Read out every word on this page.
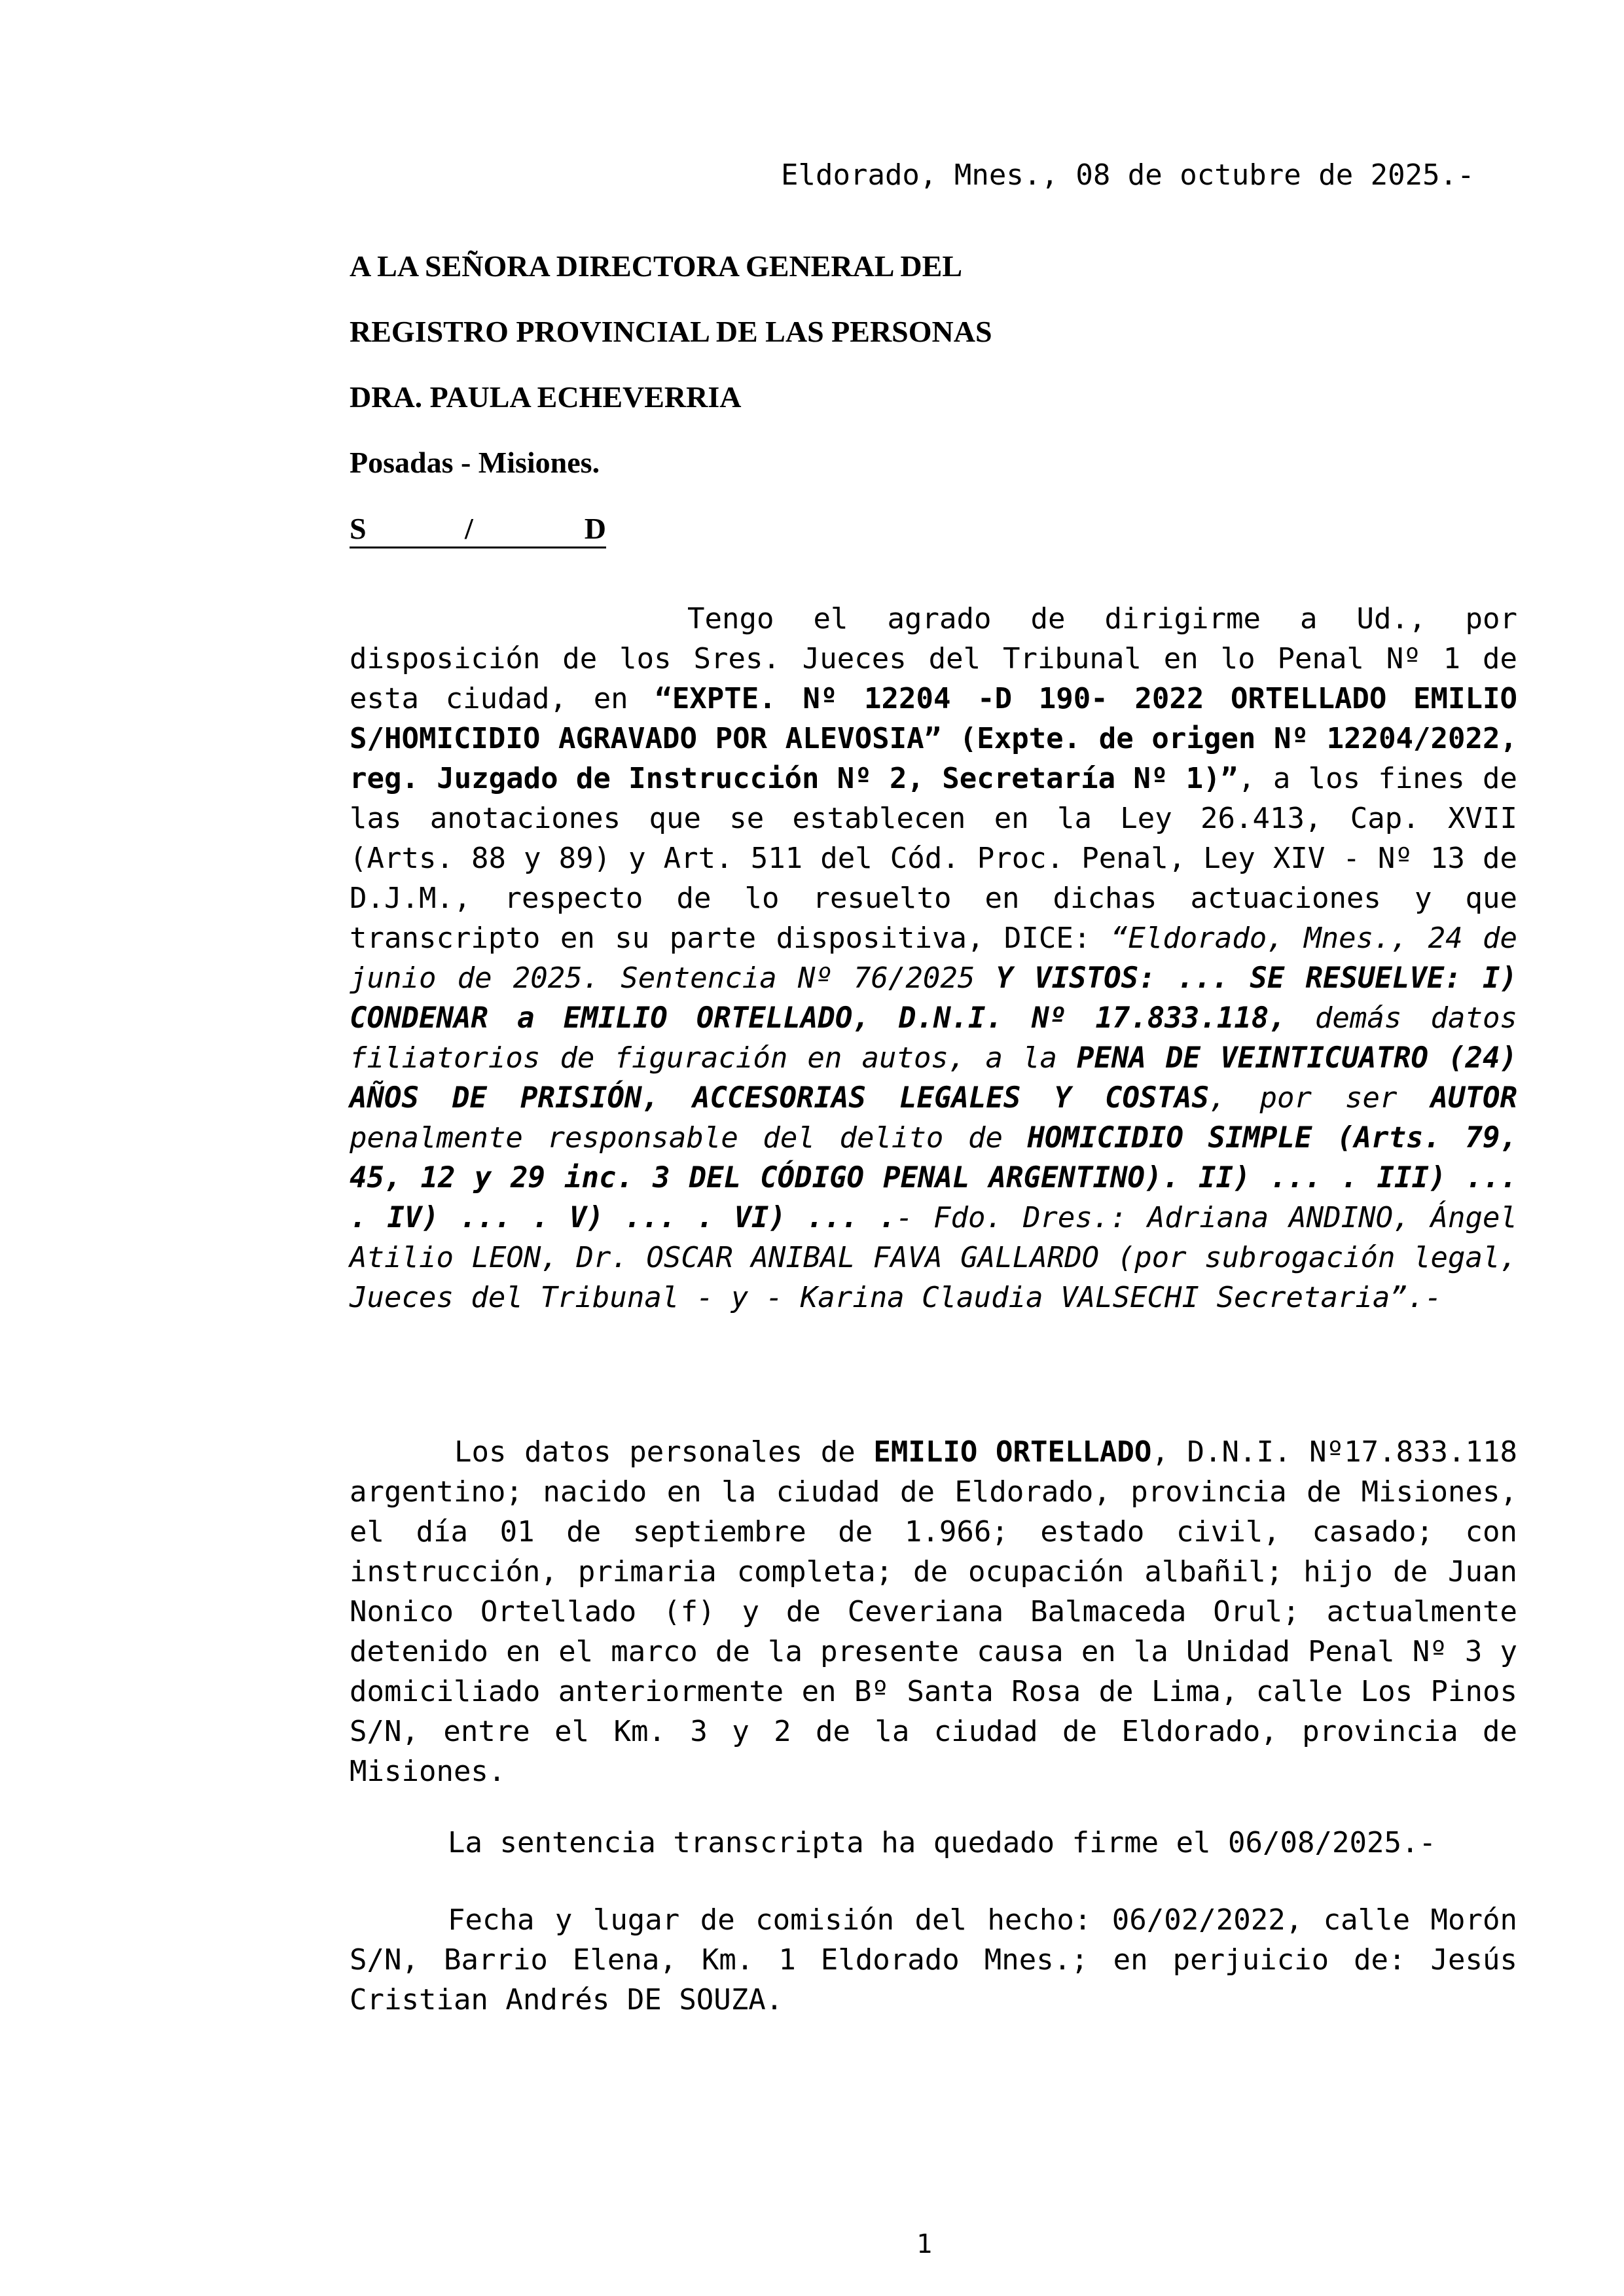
Eldorado, Mnes., 08 de octubre de 2025.-
A LA SEÑORA DIRECTORA GENERAL DEL
REGISTRO PROVINCIAL DE LAS PERSONAS
DRA. PAULA ECHEVERRIA
Posadas - Misiones.
S	/	D

Tengo el agrado de dirigirme a Ud., por disposición de los Sres. Jueces del Tribunal en lo Penal Nº 1 de esta ciudad, en “EXPTE. Nº 12204 -D 190- 2022 ORTELLADO EMILIO S/HOMICIDIO AGRAVADO POR ALEVOSIA” (Expte. de origen Nº 12204/2022, reg. Juzgado de Instrucción Nº 2, Secretaría Nº 1)”, a los fines de las anotaciones que se establecen en la Ley 26.413, Cap. XVII (Arts. 88 y 89) y Art. 511 del Cód. Proc. Penal, Ley XIV - Nº 13 de D.J.M., respecto de lo resuelto en dichas actuaciones y que transcripto en su parte dispositiva, DICE: “Eldorado, Mnes., 24 de junio de 2025. Sentencia Nº 76/2025 Y VISTOS: ... SE RESUELVE: I) CONDENAR a EMILIO ORTELLADO, D.N.I. Nº 17.833.118, demás datos filiatorios de figuración en autos, a la PENA DE VEINTICUATRO (24) AÑOS DE PRISIÓN, ACCESORIAS LEGALES Y COSTAS, por ser AUTOR penalmente responsable del delito de HOMICIDIO SIMPLE (Arts. 79, 45, 12 y 29 inc. 3 DEL CÓDIGO PENAL ARGENTINO). II) ... . III) ... . IV) ... . V) ... . VI) ... .- Fdo. Dres.: Adriana ANDINO, Ángel Atilio LEON, Dr. OSCAR ANIBAL FAVA GALLARDO (por subrogación legal, Jueces del Tribunal - y - Karina Claudia VALSECHI Secretaria”.-

Los datos personales de EMILIO ORTELLADO, D.N.I. Nº17.833.118 argentino; nacido en la ciudad de Eldorado, provincia de Misiones, el día 01 de septiembre de 1.966; estado civil, casado; con instrucción, primaria completa; de ocupación albañil; hijo de Juan Nonico Ortellado (f) y de Ceveriana Balmaceda Orul; actualmente detenido en el marco de la presente causa en la Unidad Penal Nº 3 y domiciliado anteriormente en Bº Santa Rosa de Lima, calle Los Pinos S/N, entre el Km. 3 y 2 de la ciudad de Eldorado, provincia de Misiones.

La sentencia transcripta ha quedado firme el 06/08/2025.-

Fecha y lugar de comisión del hecho: 06/02/2022, calle Morón S/N, Barrio Elena, Km. 1 Eldorado Mnes.; en perjuicio de: Jesús Cristian Andrés DE SOUZA.

1
